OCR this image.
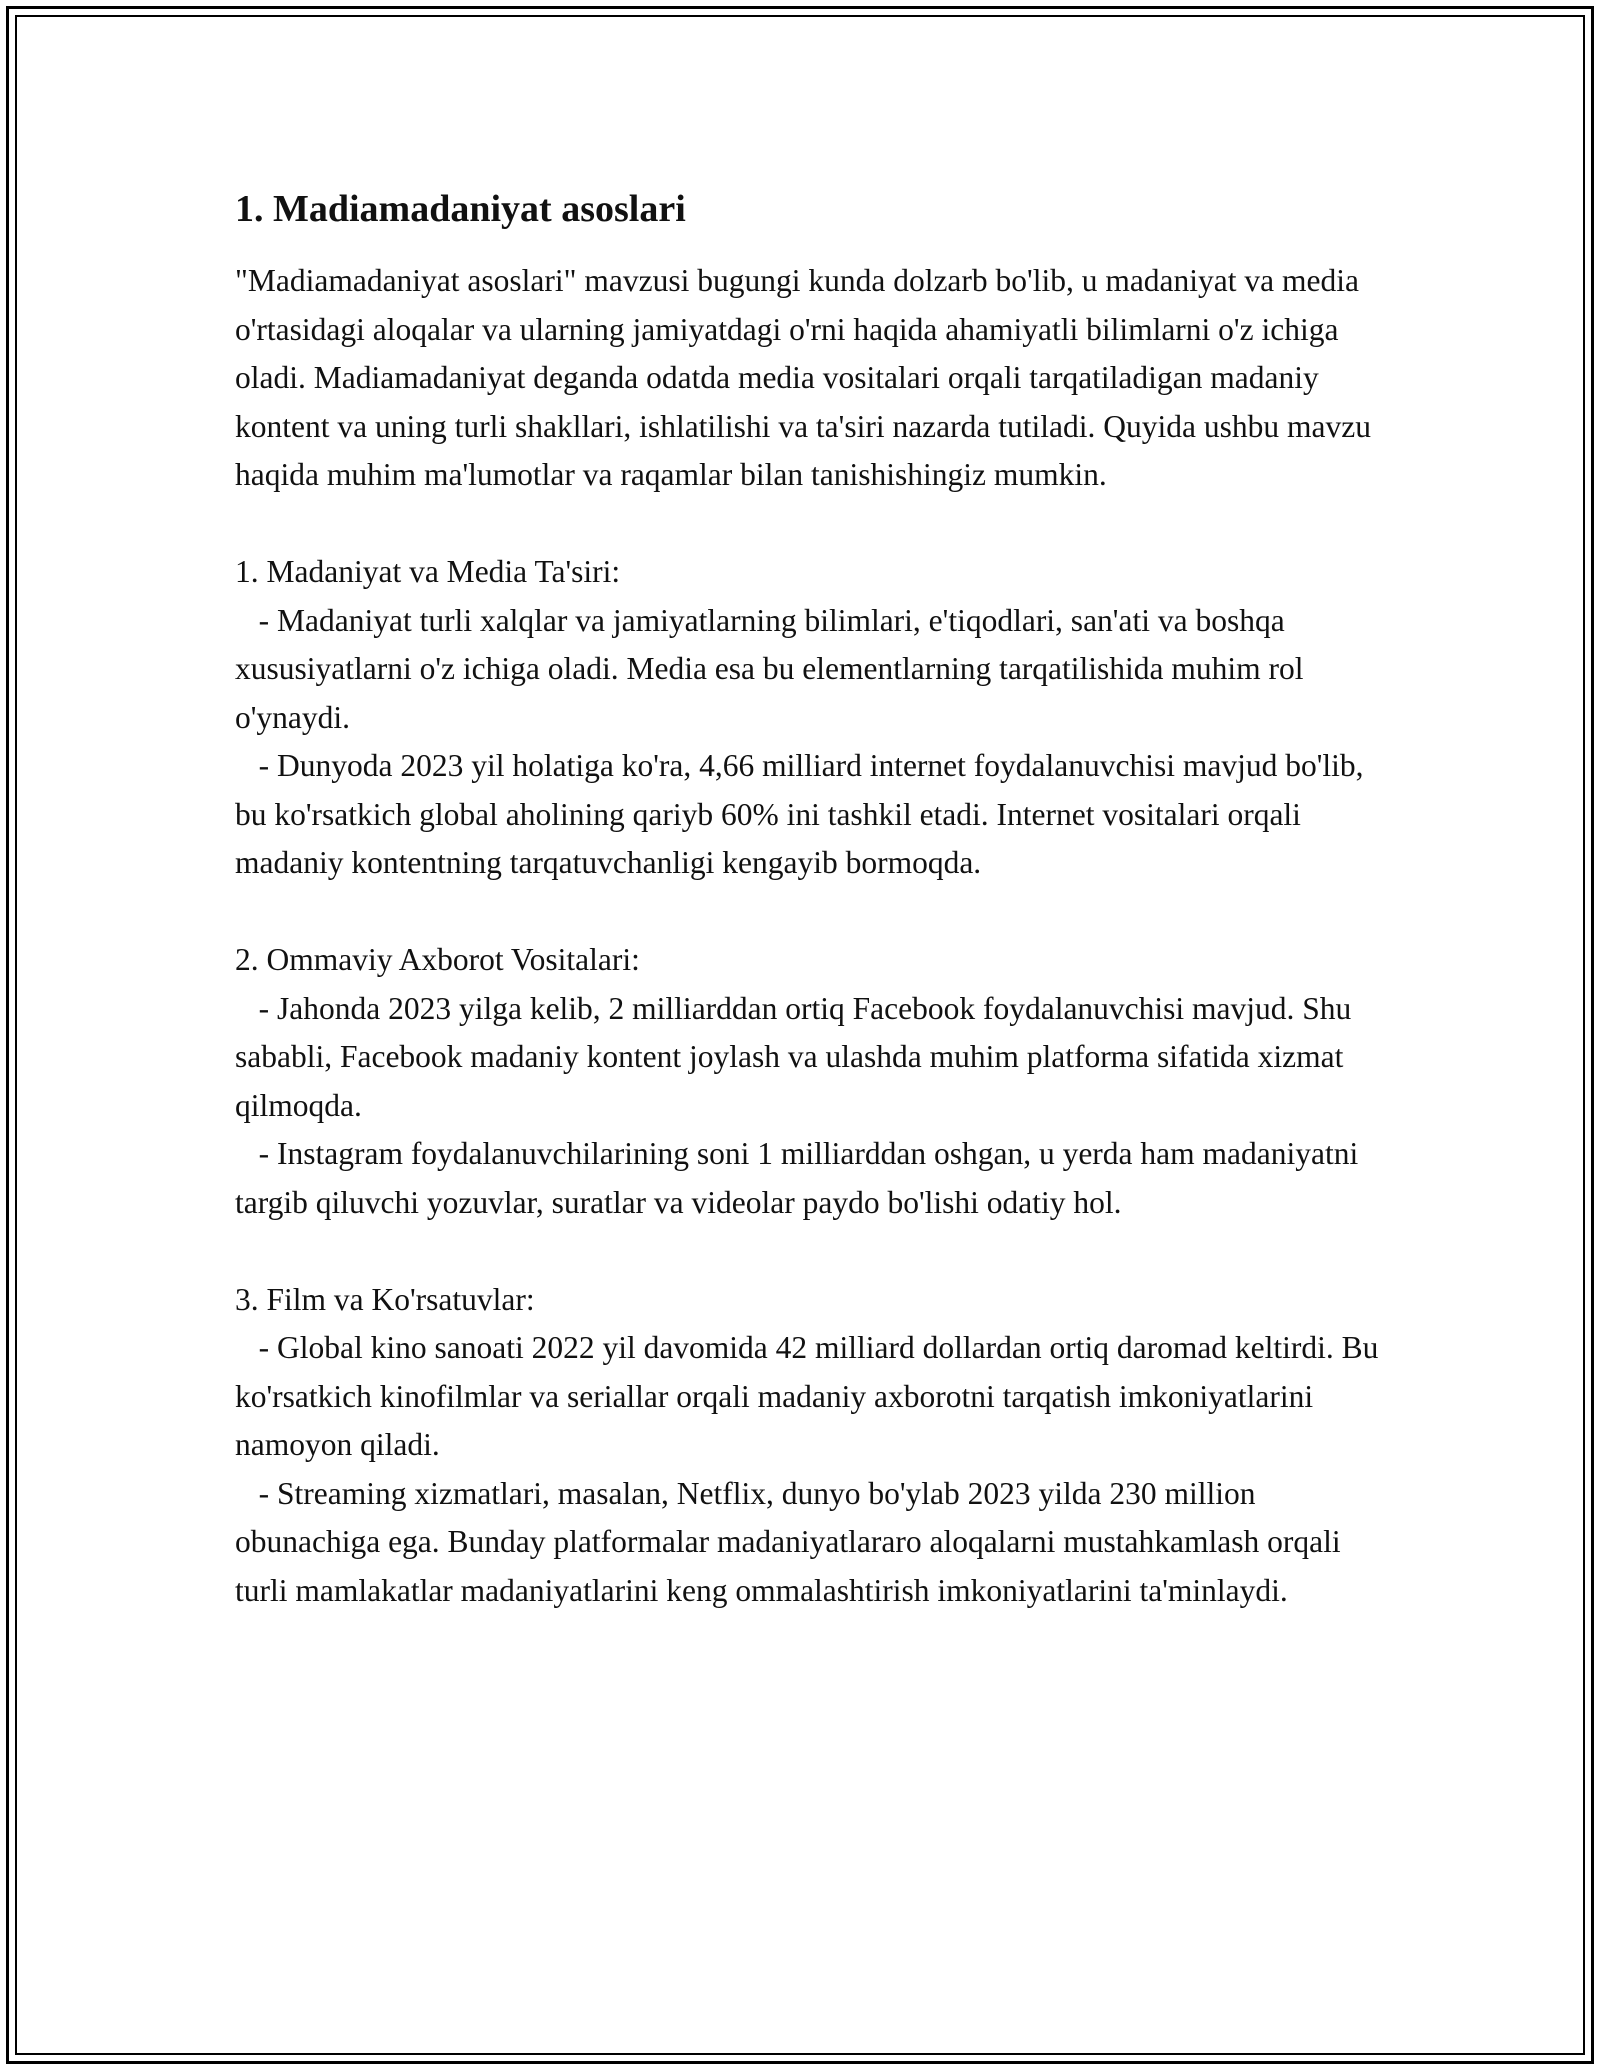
1. Madiamadaniyat asoslari

"Madiamadaniyat asoslari" mavzusi bugungi kunda dolzarb bo'lib, u madaniyat va media o'rtasidagi aloqalar va ularning jamiyatdagi o'rni haqida ahamiyatli bilimlarni o'z ichiga oladi. Madiamadaniyat deganda odatda media vositalari orqali tarqatiladigan madaniy kontent va uning turli shakllari, ishlatilishi va ta'siri nazarda tutiladi. Quyida ushbu mavzu haqida muhim ma'lumotlar va raqamlar bilan tanishishingiz mumkin.

1. Madaniyat va Media Ta'siri:

- Madaniyat turli xalqlar va jamiyatlarning bilimlari, e'tiqodlari, san'ati va boshqa xususiyatlarni o'z ichiga oladi. Media esa bu elementlarning tarqatilishida muhim rol o'ynaydi.

- Dunyoda 2023 yil holatiga ko'ra, 4,66 milliard internet foydalanuvchisi mavjud bo'lib, bu ko'rsatkich global aholining qariyb 60% ini tashkil etadi. Internet vositalari orqali madaniy kontentning tarqatuvchanligi kengayib bormoqda.

2. Ommaviy Axborot Vositalari:

- Jahonda 2023 yilga kelib, 2 milliarddan ortiq Facebook foydalanuvchisi mavjud. Shu sababli, Facebook madaniy kontent joylash va ulashda muhim platforma sifatida xizmat qilmoqda.

- Instagram foydalanuvchilarining soni 1 milliarddan oshgan, u yerda ham madaniyatni targib qiluvchi yozuvlar, suratlar va videolar paydo bo'lishi odatiy hol.

3. Film va Ko'rsatuvlar:

- Global kino sanoati 2022 yil davomida 42 milliard dollardan ortiq daromad keltirdi. Bu ko'rsatkich kinofilmlar va seriallar orqali madaniy axborotni tarqatish imkoniyatlarini namoyon qiladi.

- Streaming xizmatlari, masalan, Netflix, dunyo bo'ylab 2023 yilda 230 million obunachiga ega. Bunday platformalar madaniyatlararo aloqalarni mustahkamlash orqali turli mamlakatlar madaniyatlarini keng ommalashtirish imkoniyatlarini ta'minlaydi.
